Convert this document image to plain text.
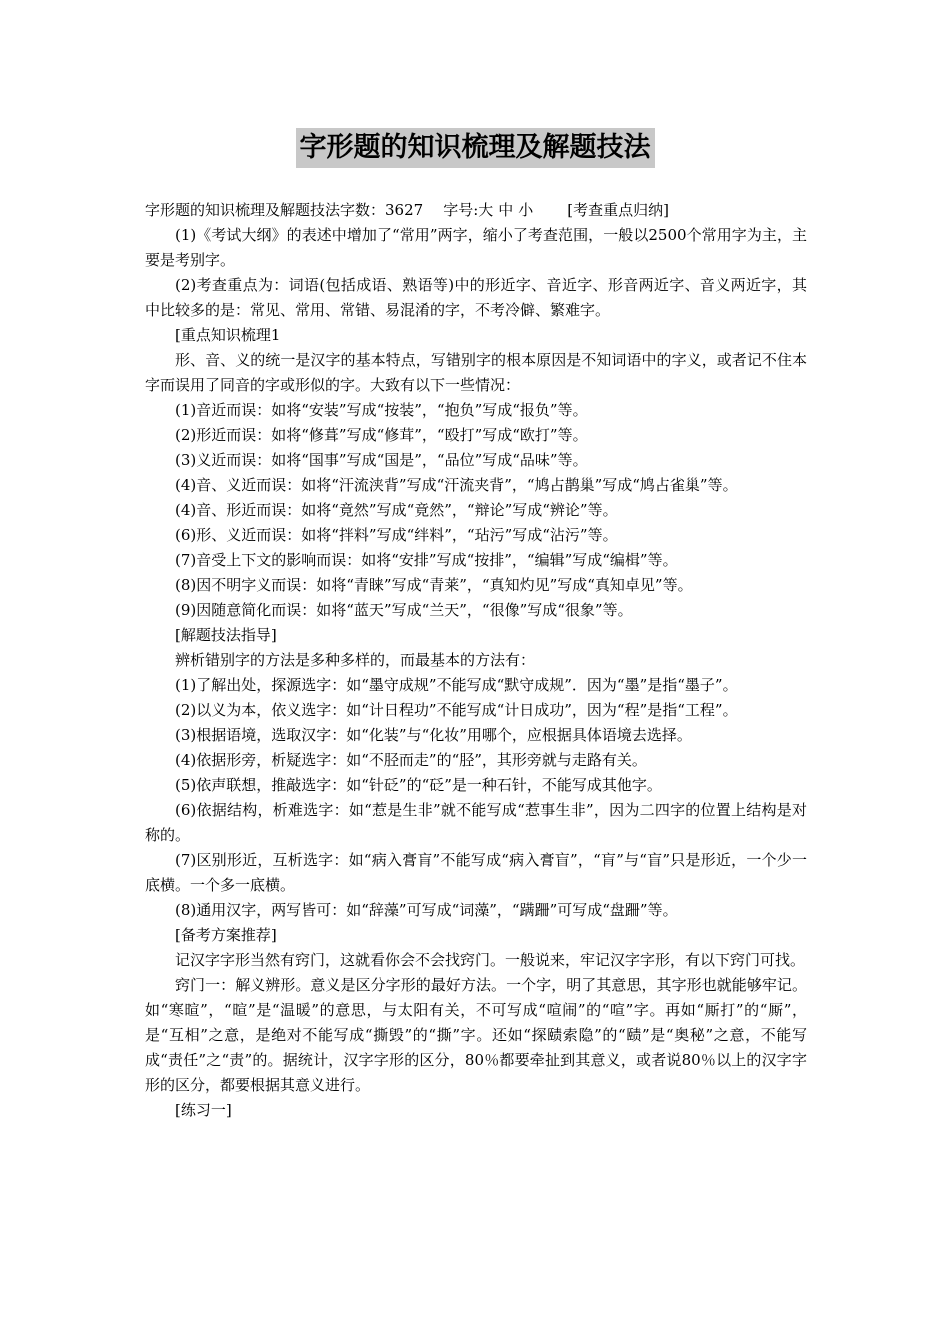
字形题的知识梳理及解题技法

字形题的知识梳理及解题技法字数：3627 字号:大 中 小 [考查重点归纳]

(1)《考试大纲》的表述中增加了“常用”两字，缩小了考查范围，一般以2500个常用字为主，主要是考别字。

(2)考查重点为：词语(包括成语、熟语等)中的形近字、音近字、形音两近字、音义两近字，其中比较多的是：常见、常用、常错、易混淆的字，不考冷僻、繁难字。

[重点知识梳理1

形、音、义的统一是汉字的基本特点，写错别字的根本原因是不知词语中的字义，或者记不住本字而误用了同音的字或形似的字。大致有以下一些情况：

(1)音近而误：如将“安装”写成“按装”，“抱负”写成“报负”等。

(2)形近而误：如将“修葺”写成“修茸”，“殴打”写成“欧打”等。

(3)义近而误：如将“国事”写成“国是”，“品位”写成“品味”等。

(4)音、义近而误：如将“汗流浃背”写成“汗流夹背”，“鸠占鹊巢”写成“鸠占雀巢”等。

(4)音、形近而误：如将“竟然”写成“竟然”，“辩论”写成“辨论”等。

(6)形、义近而误：如将“拌料”写成“绊料”，“玷污”写成“沾污”等。

(7)音受上下文的影响而误：如将“安排”写成“按排”，“编辑”写成“编楫”等。

(8)因不明字义而误：如将“青睐”写成“青莱”，“真知灼见”写成“真知卓见”等。

(9)因随意简化而误：如将“蓝天”写成“兰天”，“很像”写成“很象”等。

[解题技法指导]

辨析错别字的方法是多种多样的，而最基本的方法有：

(1)了解出处，探源选字：如“墨守成规”不能写成“默守成规”．因为“墨”是指“墨子”。

(2)以义为本，依义选字：如“计日程功”不能写成“计日成功”，因为“程”是指“工程”。

(3)根据语境，选取汉字：如“化装”与“化妆”用哪个，应根据具体语境去选择。

(4)依据形旁，析疑选字：如“不胫而走”的“胫”，其形旁就与走路有关。

(5)依声联想，推敲选字：如“针砭”的“砭”是一种石针，不能写成其他字。

(6)依据结构，析难选字：如“惹是生非”就不能写成“惹事生非”，因为二四字的位置上结构是对称的。

(7)区别形近，互析选字：如“病入膏肓”不能写成“病入膏盲”，“肓”与“盲”只是形近，一个少一底横。一个多一底横。

(8)通用汉字，两写皆可：如“辞藻”可写成“词藻”，“蹒跚”可写成“盘跚”等。

[备考方案推荐]

记汉字字形当然有窍门，这就看你会不会找窍门。一般说来，牢记汉字字形，有以下窍门可找。

窍门一：解义辨形。意义是区分字形的最好方法。一个字，明了其意思，其字形也就能够牢记。如“寒暄”，“暄”是“温暖”的意思，与太阳有关，不可写成“喧闹”的“喧”字。再如“厮打”的“厮”，是“互相”之意，是绝对不能写成“撕毁”的“撕”字。还如“探赜索隐”的“赜”是“奥秘”之意，不能写成“责任”之“责”的。据统计，汉字字形的区分，80％都要牵扯到其意义，或者说80％以上的汉字字形的区分，都要根据其意义进行。

[练习一]
